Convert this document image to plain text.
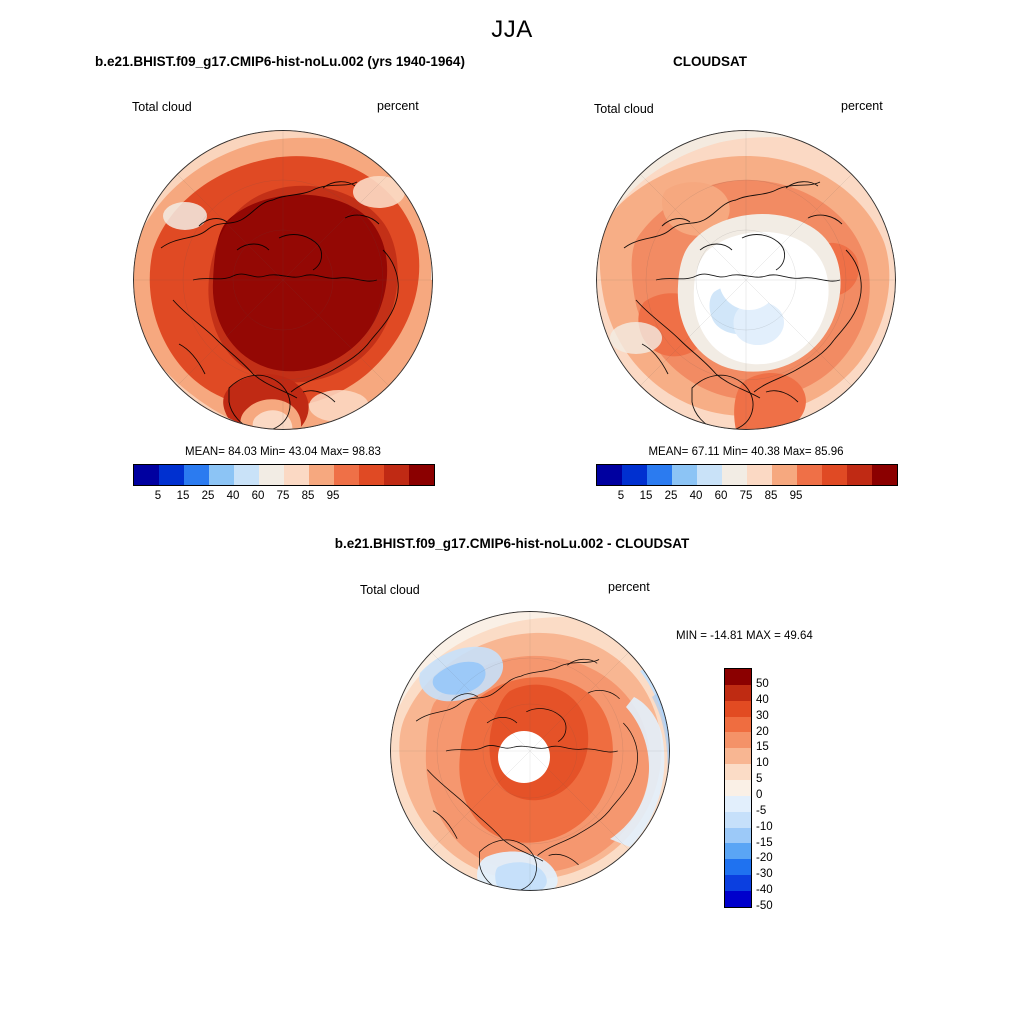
JJA
b.e21.BHIST.f09_g17.CMIP6-hist-noLu.002 (yrs 1940-1964)
Total cloud	percent
MEAN= 84.03 Min= 43.04 Max= 98.83
5 15 25 40 60 75 85 95
CLOUDSAT
Total cloud	percent
MEAN= 67.11 Min= 40.38 Max= 85.96
5 15 25 40 60 75 85 95
b.e21.BHIST.f09_g17.CMIP6-hist-noLu.002 - CLOUDSAT
Total cloud	percent
MIN = -14.81 MAX = 49.64
50
40
30
20
15
10
5
0
-5
-10
-15
-20
-30
-40
-50
